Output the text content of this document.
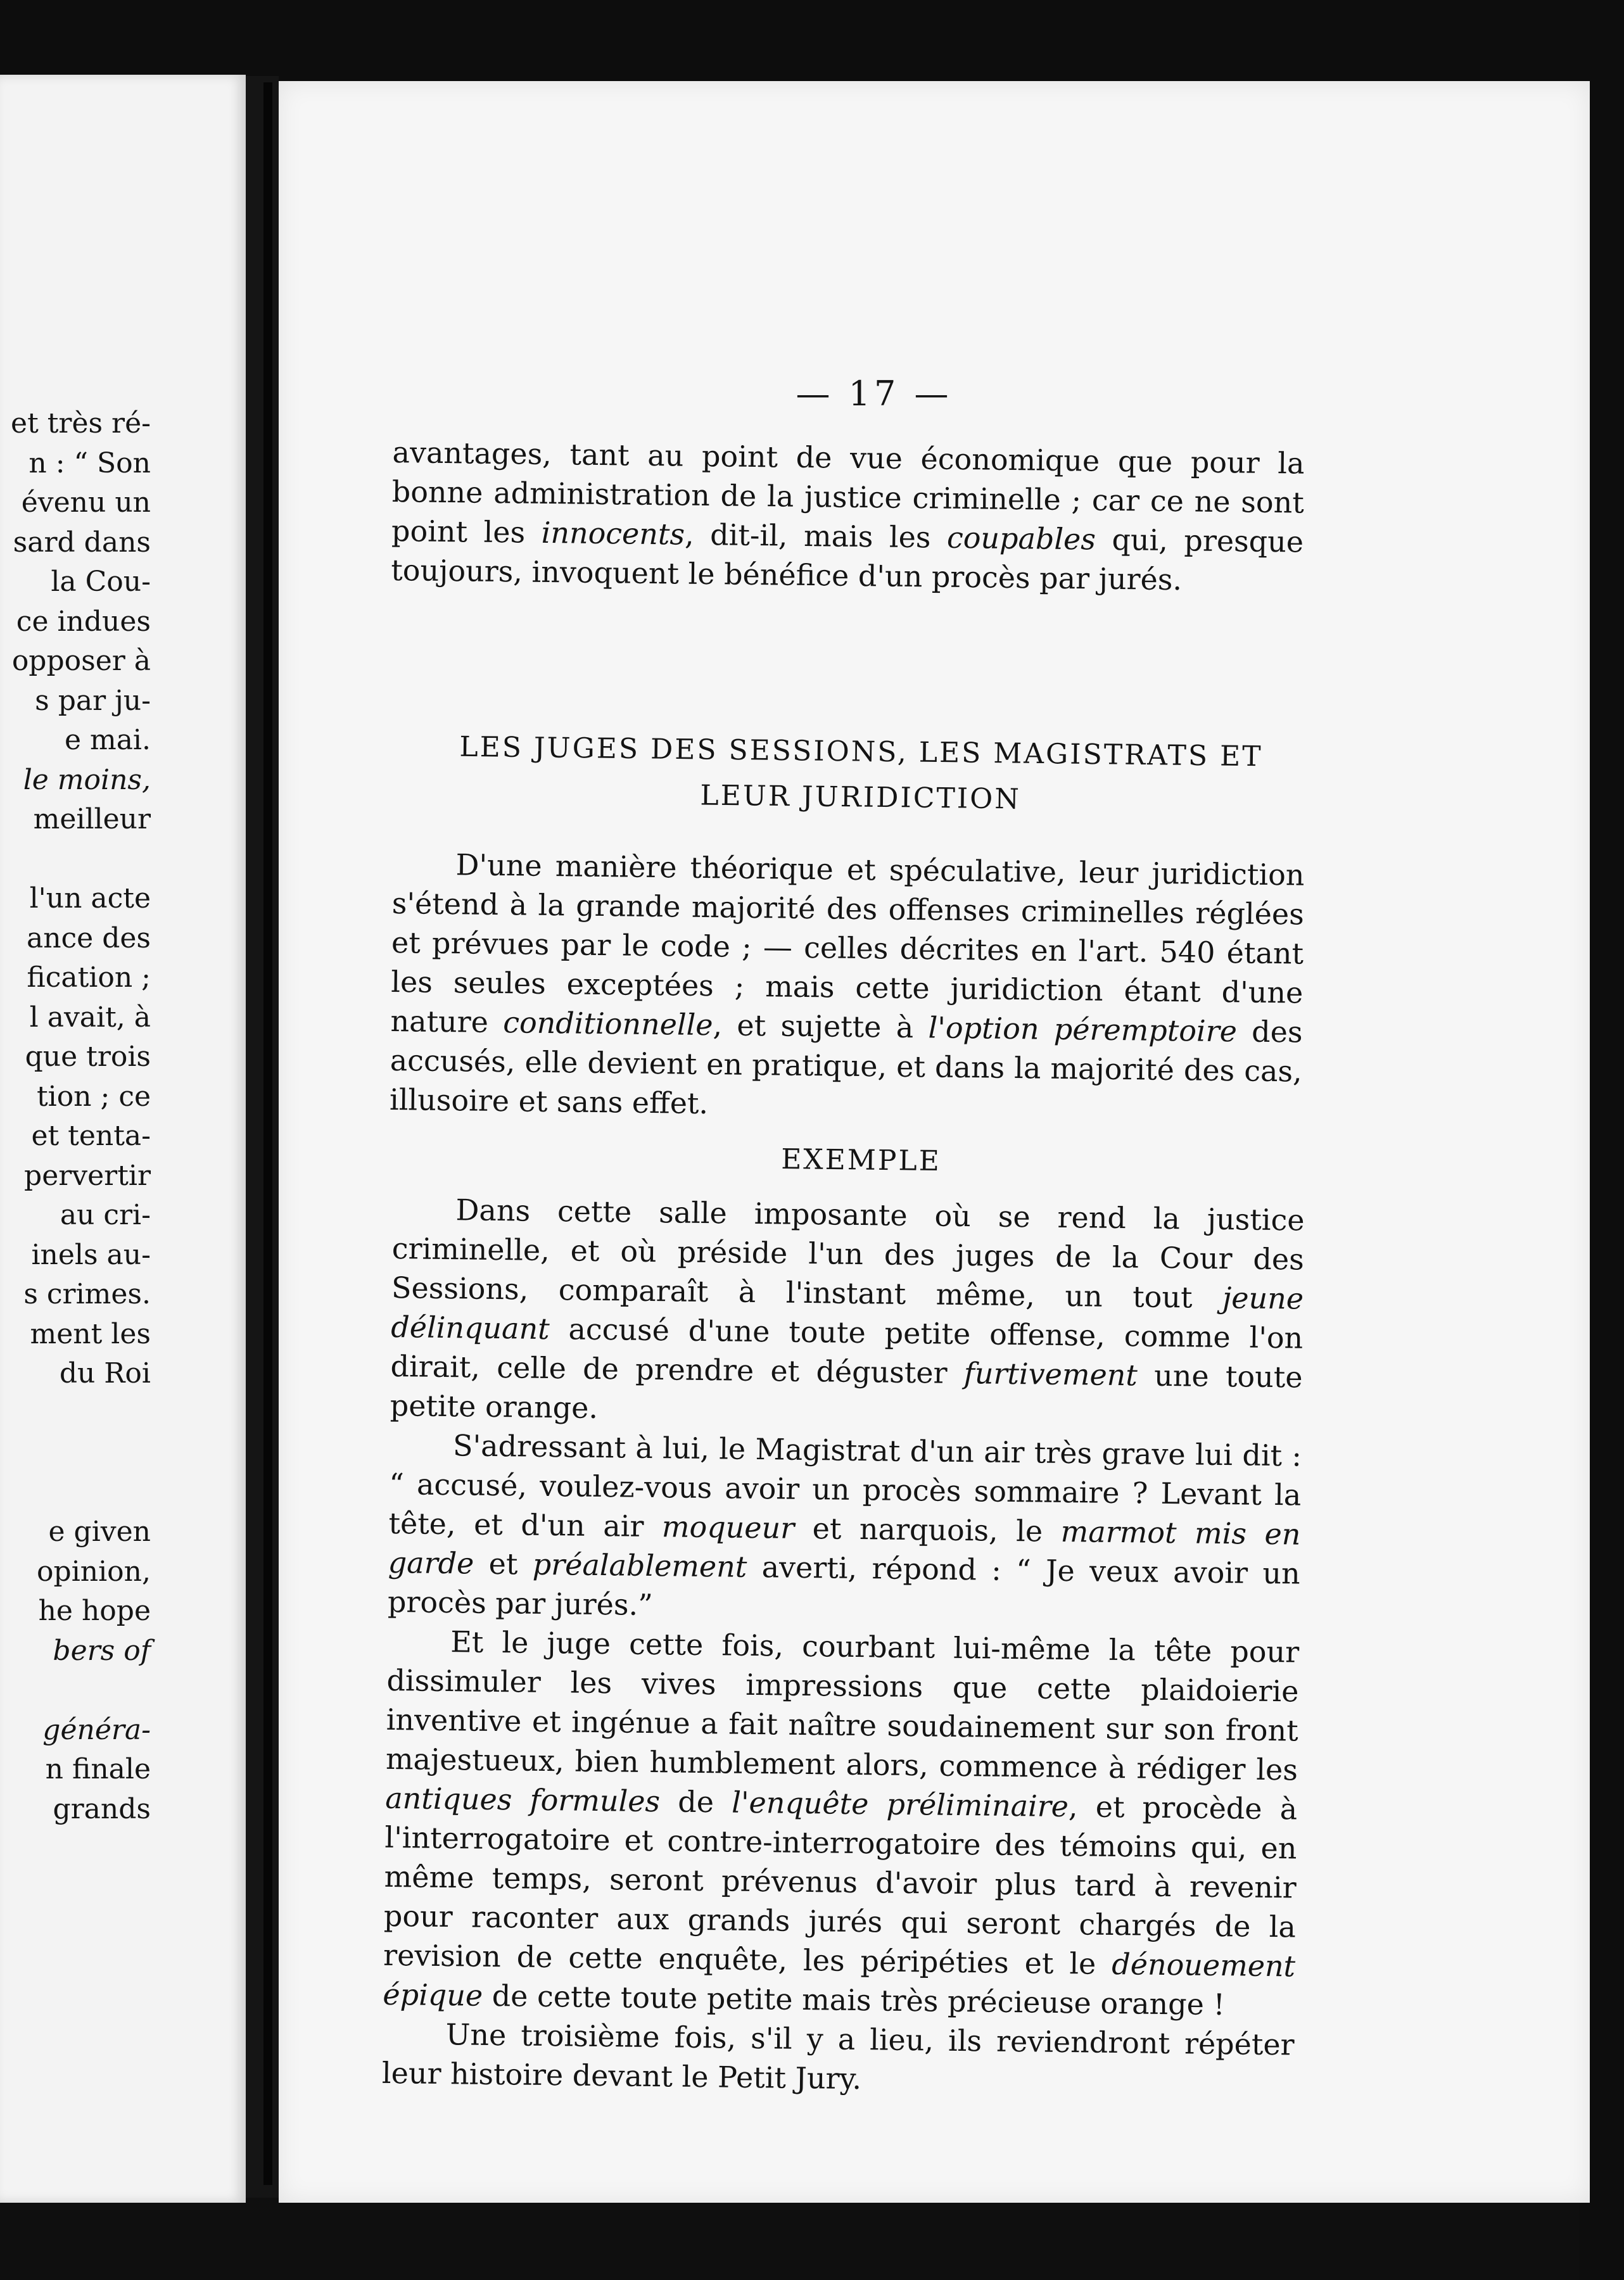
et très ré-
n : “ Son
évenu un
sard dans
la Cou-
ce indues
opposer à
s par ju-
e mai.
le moins,
meilleur
l'un acte
ance des
fication ;
l avait, à
que trois
tion ; ce
et tenta-
pervertir
au cri-
inels au-
s crimes.
ment les
du Roi
e given
opinion,
he hope
bers of
généra-
n finale
grands
— 17 —

avantages, tant au point de vue économique que pour la bonne administration de la justice criminelle ; car ce ne sont point les innocents, dit-il, mais les coupables qui, presque toujours, invoquent le bénéfice d'un procès par jurés.

LES JUGES DES SESSIONS, LES MAGISTRATS ET LEUR JURIDICTION

D'une manière théorique et spéculative, leur juridiction s'étend à la grande majorité des offenses criminelles réglées et prévues par le code ; — celles décrites en l'art. 540 étant les seules exceptées ; mais cette juridiction étant d'une nature conditionnelle, et sujette à l'option péremptoire des accusés, elle devient en pratique, et dans la majorité des cas, illusoire et sans effet.

EXEMPLE

Dans cette salle imposante où se rend la justice criminelle, et où préside l'un des juges de la Cour des Sessions, comparaît à l'instant même, un tout jeune délinquant accusé d'une toute petite offense, comme l'on dirait, celle de prendre et déguster furtivement une toute petite orange.

S'adressant à lui, le Magistrat d'un air très grave lui dit : “ accusé, voulez-vous avoir un procès sommaire ? Levant la tête, et d'un air moqueur et narquois, le marmot mis en garde et préalablement averti, répond : “ Je veux avoir un procès par jurés.”

Et le juge cette fois, courbant lui-même la tête pour dissimuler les vives impressions que cette plaidoierie inventive et ingénue a fait naître soudainement sur son front majestueux, bien humblement alors, commence à rédiger les antiques formules de l'enquête préliminaire, et procède à l'interrogatoire et contre-interrogatoire des témoins qui, en même temps, seront prévenus d'avoir plus tard à revenir pour raconter aux grands jurés qui seront chargés de la revision de cette enquête, les péripéties et le dénouement épique de cette toute petite mais très précieuse orange !

Une troisième fois, s'il y a lieu, ils reviendront répéter leur histoire devant le Petit Jury.
